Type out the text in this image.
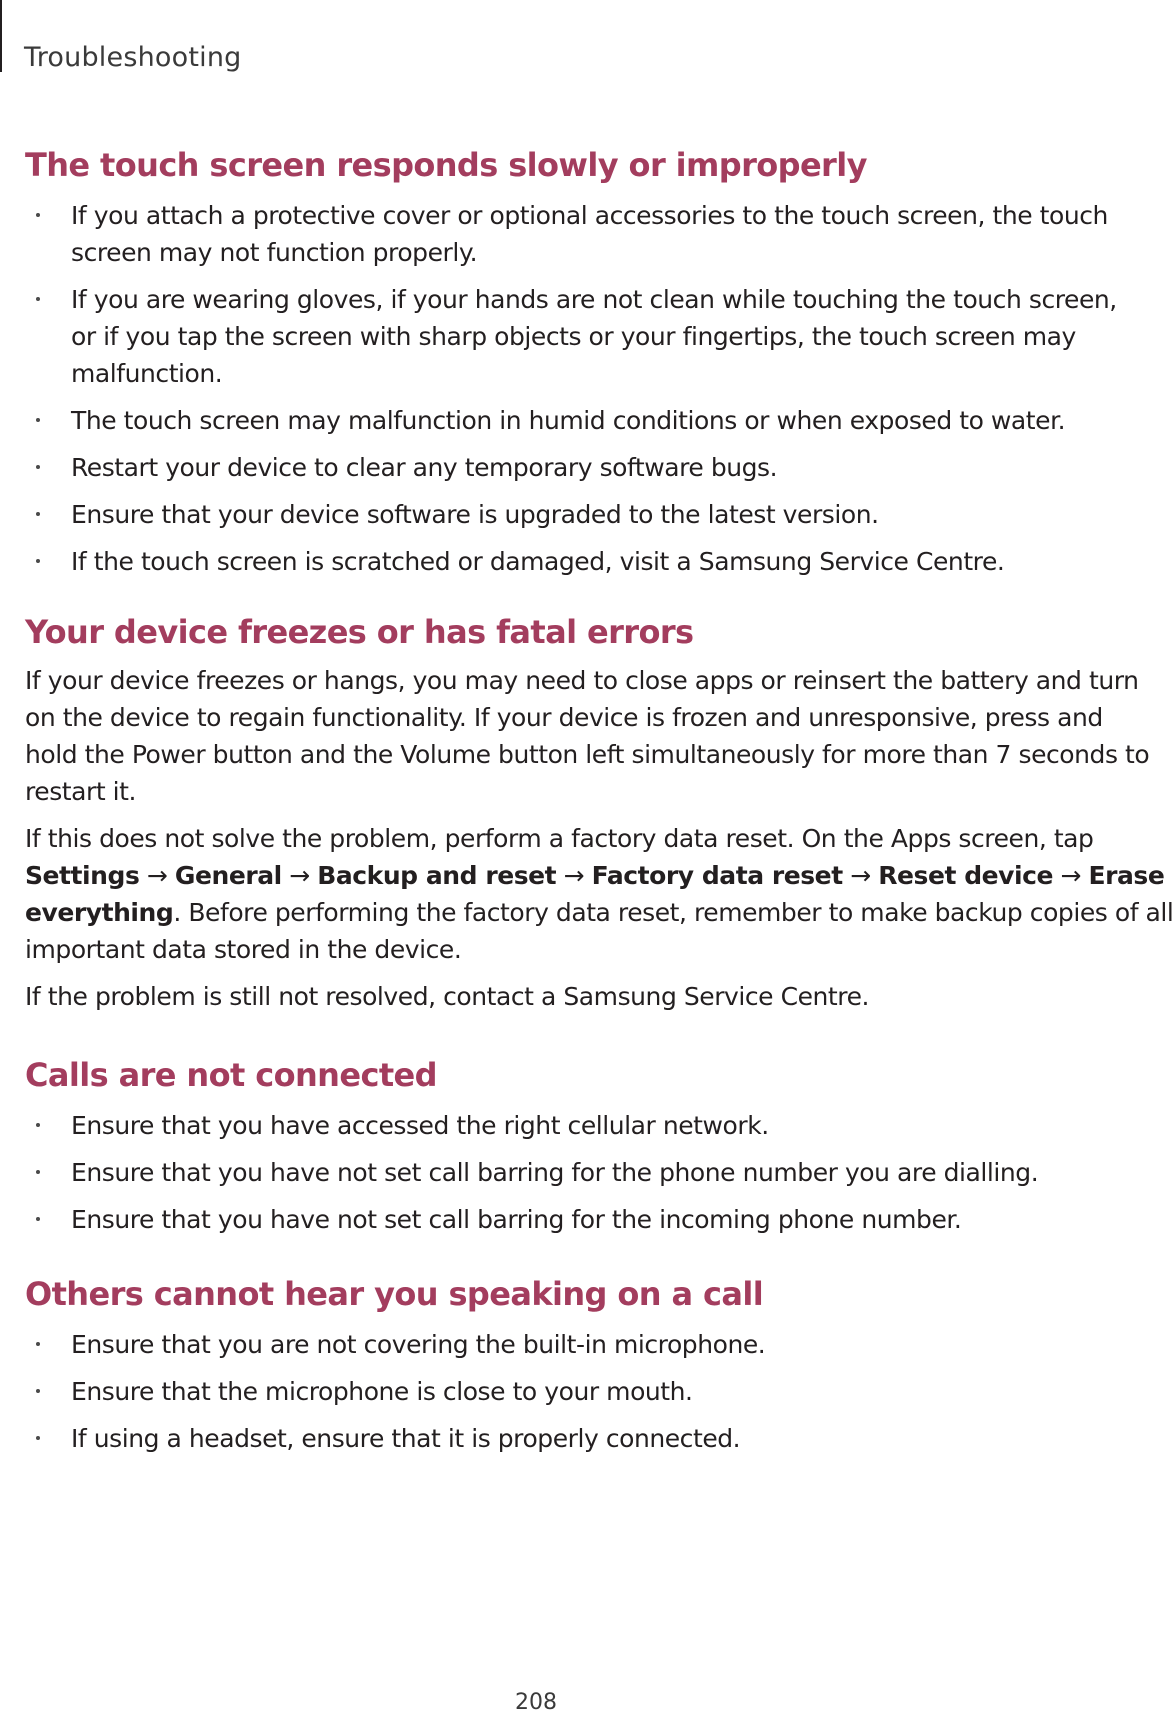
Troubleshooting
The touch screen responds slowly or improperly
If you attach a protective cover or optional accessories to the touch screen, the touch
screen may not function properly.
If you are wearing gloves, if your hands are not clean while touching the touch screen,
or if you tap the screen with sharp objects or your fingertips, the touch screen may
malfunction.
The touch screen may malfunction in humid conditions or when exposed to water.
Restart your device to clear any temporary software bugs.
Ensure that your device software is upgraded to the latest version.
If the touch screen is scratched or damaged, visit a Samsung Service Centre.
Your device freezes or has fatal errors

If your device freezes or hangs, you may need to close apps or reinsert the battery and turn
on the device to regain functionality. If your device is frozen and unresponsive, press and
hold the Power button and the Volume button left simultaneously for more than 7 seconds to
restart it.

If this does not solve the problem, perform a factory data reset. On the Apps screen, tap
Settings → General → Backup and reset → Factory data reset → Reset device → Erase
everything. Before performing the factory data reset, remember to make backup copies of all
important data stored in the device.

If the problem is still not resolved, contact a Samsung Service Centre.

Calls are not connected
Ensure that you have accessed the right cellular network.
Ensure that you have not set call barring for the phone number you are dialling.
Ensure that you have not set call barring for the incoming phone number.
Others cannot hear you speaking on a call
Ensure that you are not covering the built-in microphone.
Ensure that the microphone is close to your mouth.
If using a headset, ensure that it is properly connected.
208
